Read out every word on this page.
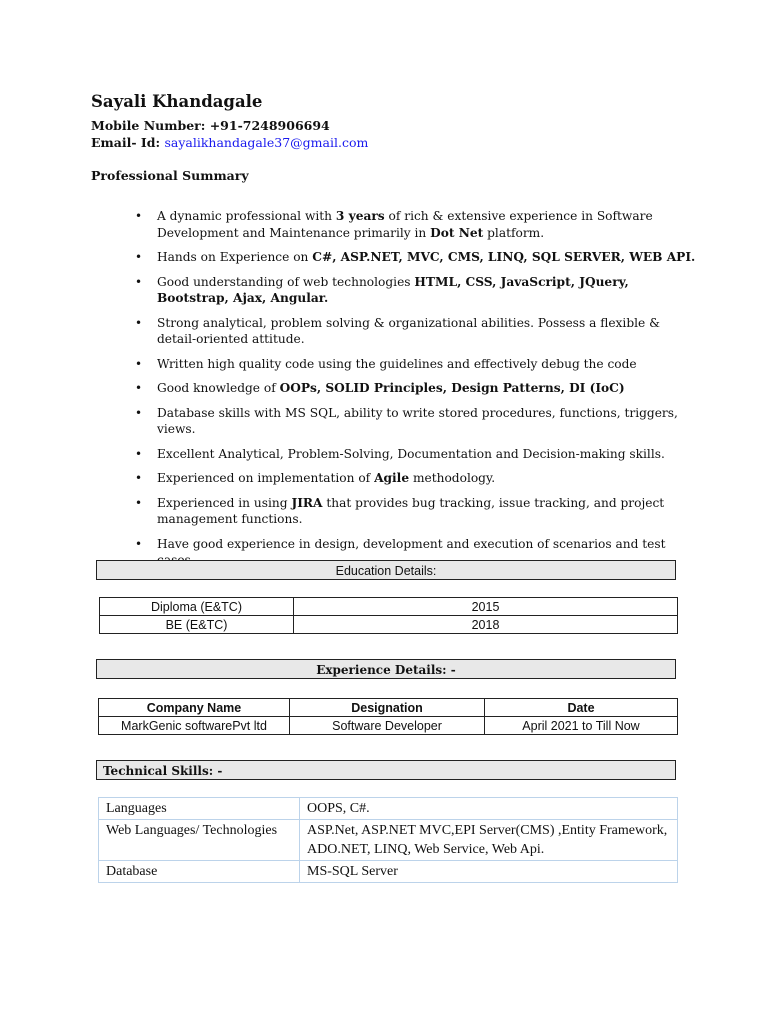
Sayali Khandagale
Mobile Number: +91-7248906694
Email- Id: sayalikhandagale37@gmail.com
Professional Summary
• A dynamic professional with 3 years of rich & extensive experience in Software Development and Maintenance primarily in Dot Net platform.
• Hands on Experience on C#, ASP.NET, MVC, CMS, LINQ, SQL SERVER, WEB API.
• Good understanding of web technologies HTML, CSS, JavaScript, JQuery, Bootstrap, Ajax, Angular.
• Strong analytical, problem solving & organizational abilities. Possess a flexible & detail-oriented attitude.
• Written high quality code using the guidelines and effectively debug the code
• Good knowledge of OOPs, SOLID Principles, Design Patterns, DI (IoC)
• Database skills with MS SQL, ability to write stored procedures, functions, triggers, views.
• Excellent Analytical, Problem-Solving, Documentation and Decision-making skills.
• Experienced on implementation of Agile methodology.
• Experienced in using JIRA that provides bug tracking, issue tracking, and project management functions.
• Have good experience in design, development and execution of scenarios and test
Education Details:
Diploma (E&TC)	2015
BE (E&TC)	2018
Experience Details: -
Company Name	Designation	Date
MarkGenic softwarePvt ltd	Software Developer	April 2021 to Till Now
Technical Skills: -
Languages	OOPS, C#.
Web Languages/ Technologies	ASP.Net, ASP.NET MVC,EPI Server(CMS) ,Entity Framework, ADO.NET, LINQ, Web Service, Web Api.
Database	MS-SQL Server
